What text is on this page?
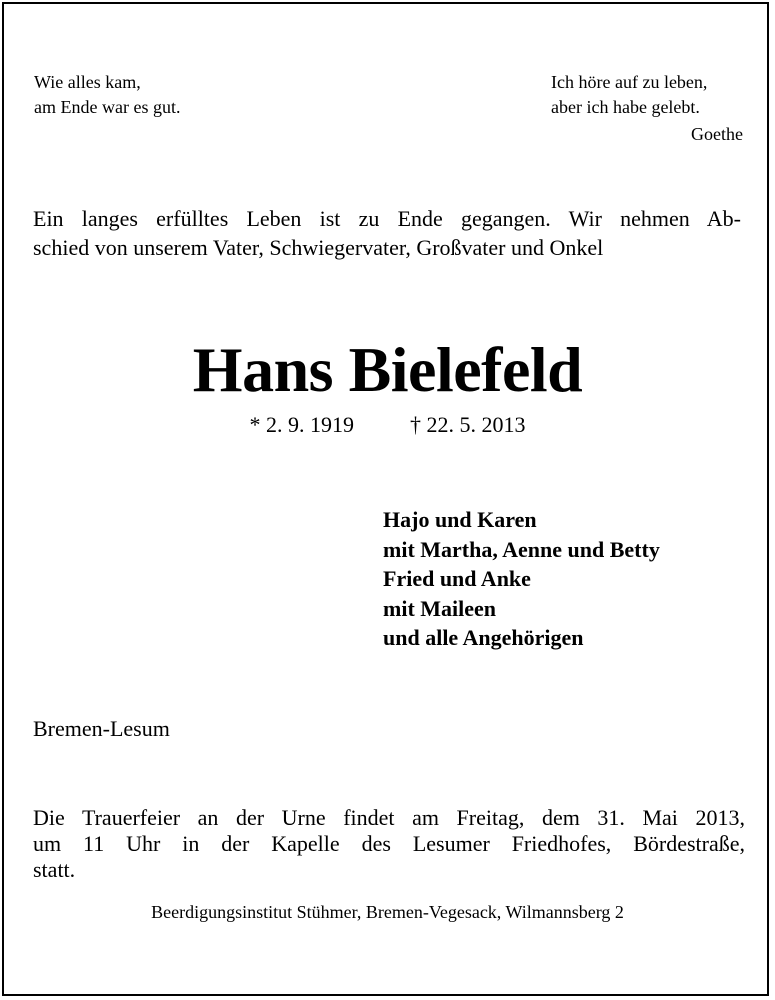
Wie alles kam,
am Ende war es gut.
Ich höre auf zu leben,
aber ich habe gelebt.
Goethe
Ein langes erfülltes Leben ist zu Ende gegangen. Wir nehmen Ab-
schied von unserem Vater, Schwiegervater, Großvater und Onkel
Hans Bielefeld
* 2. 9. 1919	† 22. 5. 2013
Hajo und Karen
mit Martha, Aenne und Betty
Fried und Anke
mit Maileen
und alle Angehörigen
Bremen-Lesum
Die Trauerfeier an der Urne findet am Freitag, dem 31. Mai 2013,
um 11 Uhr in der Kapelle des Lesumer Friedhofes, Bördestraße,
statt.
Beerdigungsinstitut Stühmer, Bremen-Vegesack, Wilmannsberg 2
